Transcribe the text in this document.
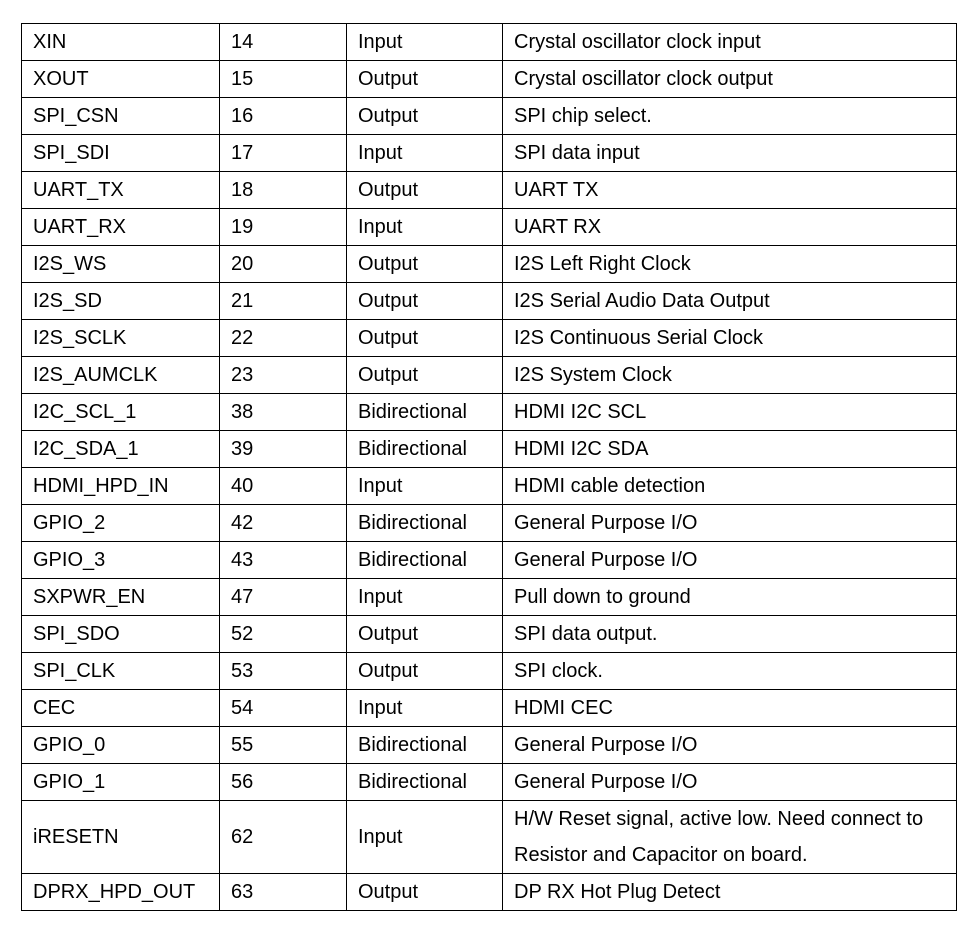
XIN	14	Input	Crystal oscillator clock input
XOUT	15	Output	Crystal oscillator clock output
SPI_CSN	16	Output	SPI chip select.
SPI_SDI	17	Input	SPI data input
UART_TX	18	Output	UART TX
UART_RX	19	Input	UART RX
I2S_WS	20	Output	I2S Left Right Clock
I2S_SD	21	Output	I2S Serial Audio Data Output
I2S_SCLK	22	Output	I2S Continuous Serial Clock
I2S_AUMCLK	23	Output	I2S System Clock
I2C_SCL_1	38	Bidirectional	HDMI I2C SCL
I2C_SDA_1	39	Bidirectional	HDMI I2C SDA
HDMI_HPD_IN	40	Input	HDMI cable detection
GPIO_2	42	Bidirectional	General Purpose I/O
GPIO_3	43	Bidirectional	General Purpose I/O
SXPWR_EN	47	Input	Pull down to ground
SPI_SDO	52	Output	SPI data output.
SPI_CLK	53	Output	SPI clock.
CEC	54	Input	HDMI CEC
GPIO_0	55	Bidirectional	General Purpose I/O
GPIO_1	56	Bidirectional	General Purpose I/O
iRESETN	62	Input	H/W Reset signal, active low. Need connect to Resistor and Capacitor on board.
DPRX_HPD_OUT	63	Output	DP RX Hot Plug Detect
